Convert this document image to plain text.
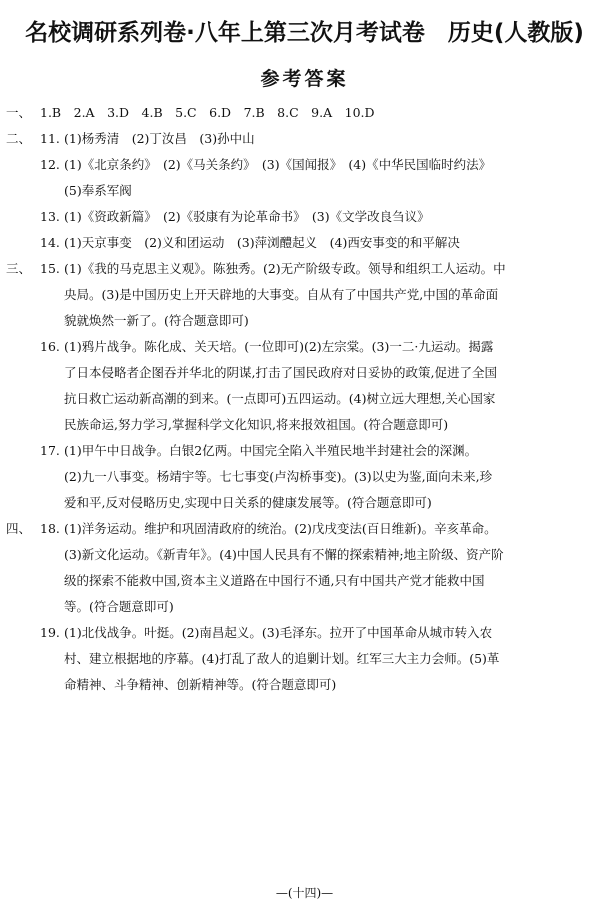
名校调研系列卷·八年上第三次月考试卷　历史(人教版)
参考答案
一、 1.B　2.A　3.D　4.B　5.C　6.D　7.B　8.C　9.A　10.D
二、 11. (1)杨秀清　(2)丁汝昌　(3)孙中山
12. (1)《北京条约》　(2)《马关条约》　(3)《国闻报》　(4)《中华民国临时约法》
(5)奉系军阀
13. (1)《资政新篇》　(2)《驳康有为论革命书》　(3)《文学改良刍议》
14. (1)天京事变　(2)义和团运动　(3)萍浏醴起义　(4)西安事变的和平解决
三、 15. (1)《我的马克思主义观》。陈独秀。(2)无产阶级专政。领导和组织工人运动。中
央局。(3)是中国历史上开天辟地的大事变。自从有了中国共产党,中国的革命面
貌就焕然一新了。(符合题意即可)
16. (1)鸦片战争。陈化成、关天培。(一位即可)(2)左宗棠。(3)一二·九运动。揭露
了日本侵略者企图吞并华北的阴谋,打击了国民政府对日妥协的政策,促进了全国
抗日救亡运动新高潮的到来。(一点即可)五四运动。(4)树立远大理想,关心国家
民族命运,努力学习,掌握科学文化知识,将来报效祖国。(符合题意即可)
17. (1)甲午中日战争。白银2亿两。中国完全陷入半殖民地半封建社会的深渊。
(2)九一八事变。杨靖宇等。七七事变(卢沟桥事变)。(3)以史为鉴,面向未来,珍
爱和平,反对侵略历史,实现中日关系的健康发展等。(符合题意即可)
四、 18. (1)洋务运动。维护和巩固清政府的统治。(2)戊戌变法(百日维新)。辛亥革命。
(3)新文化运动。《新青年》。(4)中国人民具有不懈的探索精神;地主阶级、资产阶
级的探索不能救中国,资本主义道路在中国行不通,只有中国共产党才能救中国
等。(符合题意即可)
19. (1)北伐战争。叶挺。(2)南昌起义。(3)毛泽东。拉开了中国革命从城市转入农
村、建立根据地的序幕。(4)打乱了敌人的追剿计划。红军三大主力会师。(5)革
命精神、斗争精神、创新精神等。(符合题意即可)
—(十四)—
